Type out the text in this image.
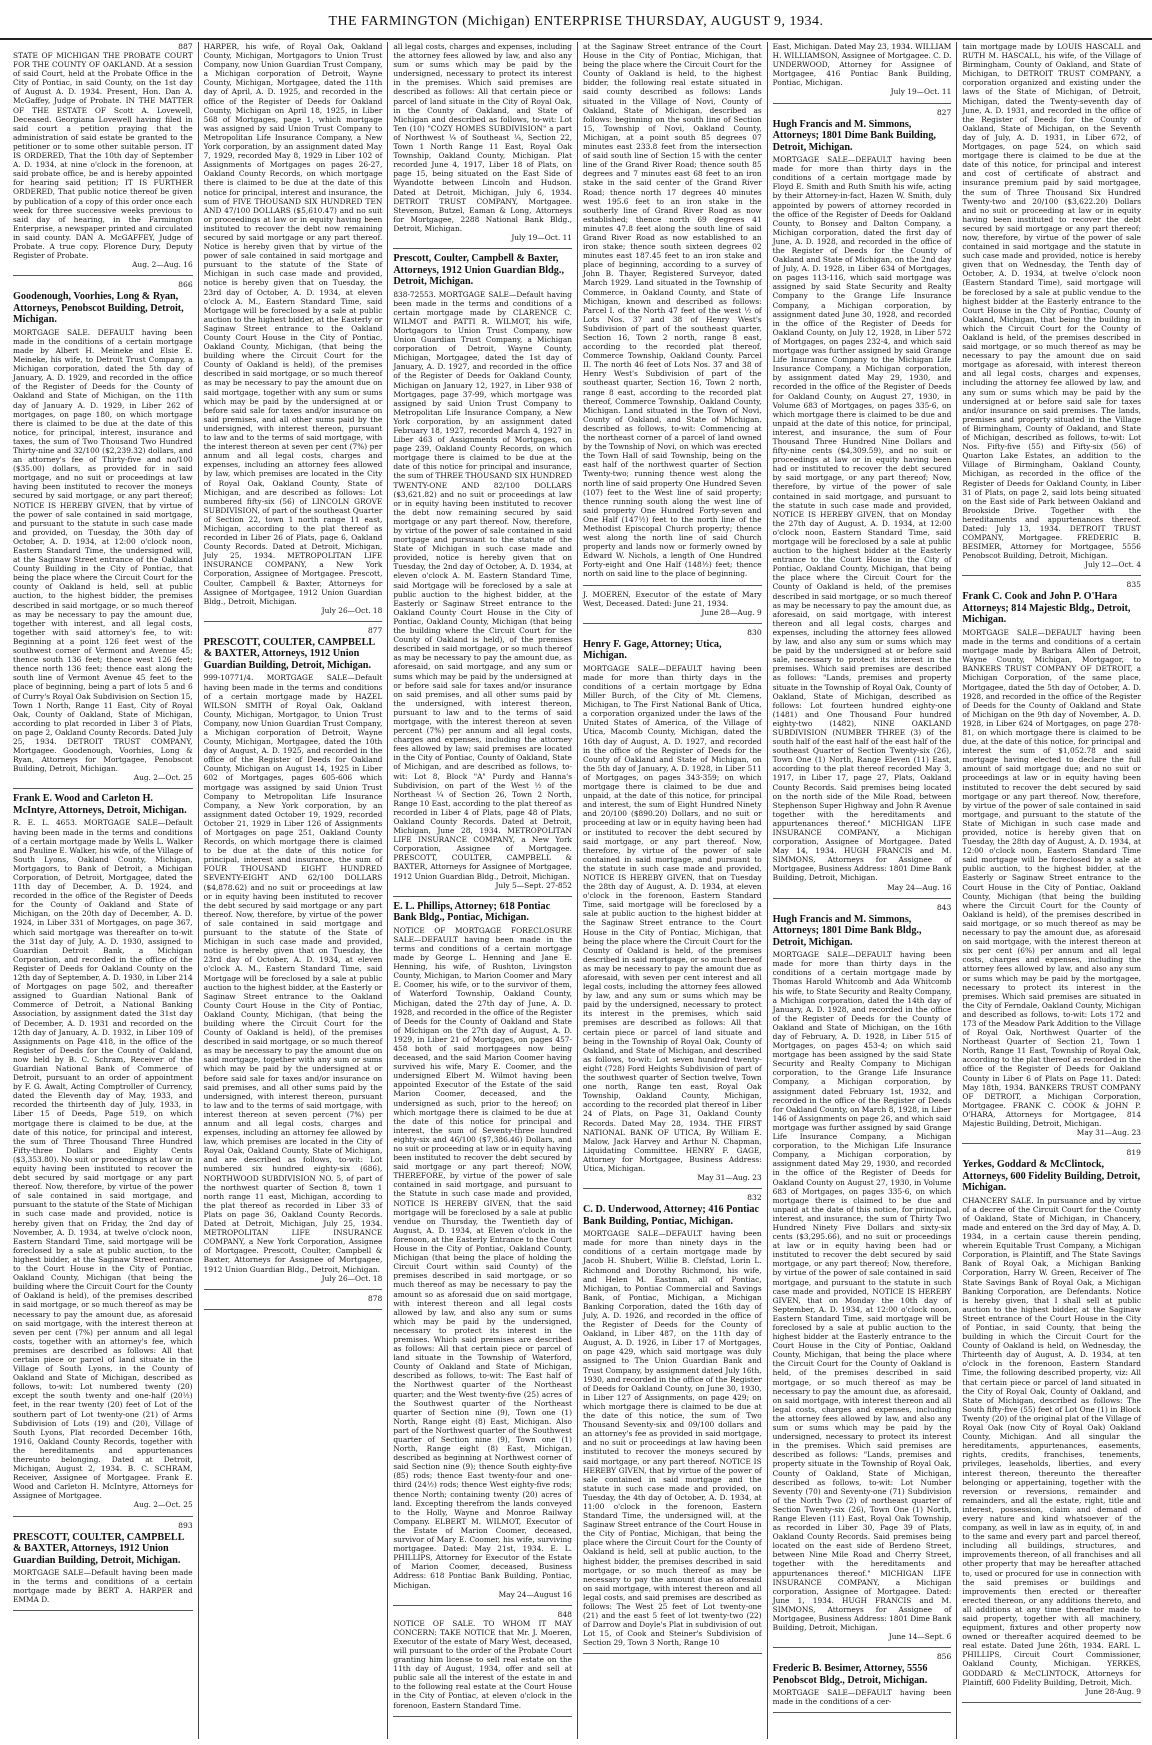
THE FARMINGTON (Michigan) ENTERPRISE THURSDAY, AUGUST 9, 1934.

887

STATE OF MICHIGAN THE PROBATE COURT FOR THE COUNTY OF OAKLAND. At a session of said Court, held at the Probate Office in the City of Pontiac, in said County, on the 1st day of August A. D. 1934. Present, Hon. Dan A. McGaffey, Judge of Probate. IN THE MATTER OF THE ESTATE OF Scott A. Lovewell, Deceased. Georgiana Lovewell having filed in said court a petition praying that the administration of said estate be granted to the petitioner or to some other suitable person. IT IS ORDERED, That the 10th day of September A. D. 1934, at nine o'clock in the forenoon, at said probate office, be and is hereby appointed for hearing said petition; IT IS FURTHER ORDERED, That public notice thereof be given by publication of a copy of this order once each week for three successive weeks previous to said day of hearing, in the Farmington Enterprise, a newspaper printed and circulated in said county. DAN A. McGAFFEY, Judge of Probate. A true copy. Florence Dury, Deputy Register of Probate.

Aug. 2—Aug. 16

866

Goodenough, Voorhies, Long & Ryan, Attorneys, Penobscot Building, Detroit, Michigan.

MORTGAGE SALE. DEFAULT having been made in the conditions of a certain mortgage made by Albert H. Meineke and Elsie E. Meineke, his wife, to Detroit Trust Company, a Michigan corporation, dated the 5th day of January, A. D. 1929, and recorded in the office of the Register of Deeds for the County of Oakland and State of Michigan, on the 11th day of January A. D. 1929, in Liber 262 of mortgages, on page 180, on which mortgage there is claimed to be due at the date of this notice, for principal, interest, insurance and taxes, the sum of Two Thousand Two Hundred Thirty-nine and 32/100 ($2,239.32) dollars, and an attorney's fee of Thirty-five and no/100 ($35.00) dollars, as provided for in said mortgage, and no suit or proceedings at law having been instituted to recover the moneys secured by said mortgage, or any part thereof; NOTICE IS HEREBY GIVEN, that by virtue of the power of sale contained in said mortgage, and pursuant to the statute in such case made and provided, on Tuesday, the 30th day of October, A. D. 1934, at 12:00 o'clock noon, Eastern Standard Time, the undersigned will, at the Saginaw Street entrance of the Oakland County Building in the City of Pontiac, that being the place where the Circuit Court for the county of Oakland is held, sell at public auction, to the highest bidder, the premises described in said mortgage, or so much thereof as may be necessary to pay the amount due, together with interest, and all legal costs, together with said attorney's fee, to wit: Beginning at a point 126 feet west of the southwest corner of Vermont and Avenue 45; thence south 136 feet; thence west 126 feet; thence north 136 feet; thence east along the south line of Vermont Avenue 45 feet to the place of beginning, being a part of lots 5 and 6 of Curry's Royal Oak Subdivision on Section 15, Town 1 North, Range 11 East, City of Royal Oak, County of Oakland, State of Michigan, according to plat recorded in Liber 3 of Plats, on page 2, Oakland County Records. Dated July 25, 1934. DETROIT TRUST COMPANY, Mortgagee. Goodenough, Voorhies, Long & Ryan, Attorneys for Mortgagee, Penobscot Building, Detroit, Michigan.

Aug. 2—Oct. 25

Frank E. Wood and Carleton H. McIntyre, Attorneys, Detroit, Michigan.

R. E. L. 4653. MORTGAGE SALE—Default having been made in the terms and conditions of a certain mortgage made by Wells L. Walker and Pauline E. Walker, his wife, of the Village of South Lyons, Oakland County, Michigan, Mortgagors, to Bank of Detroit, a Michigan Corporation, of Detroit, Mortgagee, dated the 11th day of December, A. D. 1924, and recorded in the office of the Register of Deeds for the County of Oakland and State of Michigan, on the 20th day of December, A. D. 1924, in Liber 331 of Mortgages, on page 367, which said mortgage was thereafter on to-wit the 31st day of July, A. D. 1930, assigned to Guardian Detroit Bank, a Michigan Corporation, and recorded in the office of the Register of Deeds for Oakland County on the 12th day of September, A. D. 1930, in Liber 214 of Mortgages on page 502, and thereafter assigned to Guardian National Bank of Commerce of Detroit, a National Banking Association, by assignment dated the 31st day of December, A. D. 1931 and recorded on the 12th day of January, A. D. 1932, in Liber 109 of Assignments on Page 418, in the office of the Register of Deeds for the County of Oakland, now held by B. C. Schram, Receiver of the Guardian National Bank of Commerce of Detroit, pursuant to an order of appointment by F. G. Awalt, Acting Comptroller of Currency, dated the Eleventh day of May, 1933, and recorded the thirteenth day of July, 1933, in Liber 15 of Deeds, Page 519, on which mortgage there is claimed to be due, at the date of this notice, for principal and interest, the sum of Three Thousand Three Hundred Fifty-three Dollars and Eighty Cents ($3,353.80). No suit or proceedings at law or in equity having been instituted to recover the debt secured by said mortgage or any part thereof. Now, therefore, by virtue of the power of sale contained in said mortgage, and pursuant to the statute of the State of Michigan in such case made and provided, notice is hereby given that on Friday, the 2nd day of November, A. D. 1934, at twelve o'clock noon, Eastern Standard Time, said mortgage will be foreclosed by a sale at public auction, to the highest bidder, at the Saginaw Street entrance to the Court House in the City of Pontiac, Oakland County, Michigan (that being the building where the Circuit Court for the County of Oakland is held), of the premises described in said mortgage, or so much thereof as may be necessary to pay the amount due, as aforesaid on said mortgage, with the interest thereon at seven per cent (7%) per annum and all legal costs, together with an attorney's fee, which premises are described as follows: All that certain piece or parcel of land situate in the Village of South Lyons, in the County of Oakland and State of Michigan, described as follows, to-wit: Lot numbered twenty (20) except the south twenty and one-half (20½) feet, in the rear twenty (20) feet of Lot of the southern part of Lot twenty-one (21) of Arms Subdivision of Lots (19) and (20), Village of South Lyons, Plat recorded December 16th, 1916, Oakland County Records, together with the hereditaments and appurtenances thereunto belonging. Dated at Detroit, Michigan, August 2, 1934. B. C. SCHRAM, Receiver, Assignee of Mortgagee. Frank E. Wood and Carleton H. McIntyre, Attorneys for Assignee of Mortgagee.

Aug. 2—Oct. 25

893

PRESCOTT, COULTER, CAMPBELL & BAXTER, Attorneys, 1912 Union Guardian Building, Detroit, Michigan.

MORTGAGE SALE—Default having been made in the terms and conditions of a certain mortgage made by BERT A. HARPER and EMMA D.

HARPER, his wife, of Royal Oak, Oakland County, Michigan, Mortgagors to Union Trust Company, now Union Guardian Trust Company, a Michigan corporation of Detroit, Wayne County, Michigan, Mortgagee, dated the 11th day of April, A. D. 1925, and recorded in the office of the Register of Deeds for Oakland County, Michigan on April 18, 1925, in Liber 568 of Mortgages, page 1, which mortgage was assigned by said Union Trust Company to Metropolitan Life Insurance Company, a New York corporation, by an assignment dated May 7, 1929, recorded May 8, 1929 in Liber 102 of Assignments of Mortgages on pages 26-27, Oakland County Records, on which mortgage there is claimed to be due at the date of this notice for principal, interest and insurance, the sum of FIVE THOUSAND SIX HUNDRED TEN AND 47/100 DOLLARS ($5,610.47) and no suit or proceedings at law or in equity having been instituted to recover the debt now remaining secured by said mortgage or any part thereof. Notice is hereby given that by virtue of the power of sale contained in said mortgage and pursuant to the statute of the State of Michigan in such case made and provided, notice is hereby given that on Tuesday, the 23rd day of October, A. D. 1934, at eleven o'clock A. M., Eastern Standard Time, said Mortgage will be foreclosed by a sale at public auction to the highest bidder, at the Easterly or Saginaw Street entrance to the Oakland County Court House in the City of Pontiac, Oakland County, Michigan, (that being the building where the Circuit Court for the County of Oakland is held), of the premises described in said mortgage, or so much thereof as may be necessary to pay the amount due on said mortgage, together with any sum or sums which may be paid by the undersigned at or before said sale for taxes and/or insurance on said premises, and all other sums paid by the undersigned, with interest thereon, pursuant to law and to the terms of said mortgage, with the interest thereon at seven per cent (7%) per annum and all legal costs, charges and expenses, including an attorney fees allowed by law, which premises are located in the City of Royal Oak, Oakland County, State of Michigan, and are described as follows: Lot numbered fifty-six (56) of LINCOLN GROVE SUBDIVISION, of part of the southeast Quarter of Section 22, town 1 north range 11 east, Michigan, according to the plat thereof as recorded in Liber 26 of Plats, page 6, Oakland County Records. Dated at Detroit, Michigan, July 25, 1934. METROPOLITAN LIFE INSURANCE COMPANY, a New York Corporation, Assignee of Mortgagee. Prescott, Coulter, Campbell & Baxter, Attorneys for Assignee of Mortgagee, 1912 Union Guardian Bldg., Detroit, Michigan.

July 26—Oct. 18

877

PRESCOTT, COULTER, CAMPBELL & BAXTER, Attorneys, 1912 Union Guardian Building, Detroit, Michigan.

999-10771/4. MORTGAGE SALE—Default having been made in the terms and conditions of a certain mortgage made by HAZEL WILSON SMITH of Royal Oak, Oakland County, Michigan, Mortgagor, to Union Trust Company, now Union Guardian Trust Company, a Michigan corporation of Detroit, Wayne County, Michigan, Mortgagee, dated the 10th day of August, A. D. 1925, and recorded in the office of the Register of Deeds for Oakland County, Michigan on August 14, 1925 in Liber 602 of Mortgages, pages 605-606 which mortgage was assigned by said Union Trust Company to Metropolitan Life Insurance Company, a New York corporation, by an assignment dated October 19, 1929, recorded October 21, 1929 in Liber 126 of Assignments of Mortgages on page 251, Oakland County Records, on which mortgage there is claimed to be due at the date of this notice for principal, interest and insurance, the sum of FOUR THOUSAND EIGHT HUNDRED SEVENTY-EIGHT AND 62/100 DOLLARS ($4,878.62) and no suit or proceedings at law or in equity having been instituted to recover the debt secured by said mortgage or any part thereof. Now, therefore, by virtue of the power of sale contained in said mortgage and pursuant to the statute of the State of Michigan in such case made and provided, notice is hereby given that on Tuesday, the 23rd day of October, A. D. 1934, at eleven o'clock A. M., Eastern Standard Time, said Mortgage will be foreclosed by a sale at public auction to the highest bidder, at the Easterly or Saginaw Street entrance to the Oakland County Court House in the City of Pontiac, Oakland County, Michigan, (that being the building where the Circuit Court for the County of Oakland is held), of the premises described in said mortgage, or so much thereof as may be necessary to pay the amount due on said mortgage, together with any sum or sums which may be paid by the undersigned at or before said sale for taxes and/or insurance on said premises, and all other sums paid by the undersigned, with interest thereon, pursuant to law and to the terms of said mortgage, with interest thereon at seven percent (7%) per annum and all legal costs, charges and expenses, including an attorney fee allowed by law, which premises are located in the City of Royal Oak, Oakland County, State of Michigan, and are described as follows, to-wit: Lot numbered six hundred eighty-six (686), NORTHWOOD SUBDIVISION NO. 5, of part of the northwest quarter of Section 8, town 1 north range 11 east, Michigan, according to the plat thereof as recorded in Liber 33 of Plats on page 36, Oakland County Records. Dated at Detroit, Michigan, July 25, 1934. METROPOLITAN LIFE INSURANCE COMPANY, a New York Corporation, Assignee of Mortgagee. Prescott, Coulter, Campbell & Baxter, Attorneys for Assignee of Mortgagee, 1912 Union Guardian Bldg., Detroit, Michigan.

July 26—Oct. 18

878

all legal costs, charges and expenses, including the attorney fees allowed by law, and also any sum or sums which may be paid by the undersigned, necessary to protect its interest in the premises. Which said premises are described as follows: All that certain piece or parcel of land situate in the City of Royal Oak, in the County of Oakland, and State of Michigan and described as follows, to-wit: Lot Ten (10) "COZY HOMES SUBDIVISION" a part of Northwest ¼ of Southeast ¼, Section 22, Town 1 North Range 11 East, Royal Oak Township, Oakland County, Michigan. Plat recorded June 4, 1917, Liber 18 of Plats, on page 15, being situated on the East Side of Wyandotte between Lincoln and Hudson. Dated at Detroit, Michigan, July 6, 1934. DETROIT TRUST COMPANY, Mortgagee. Stevenson, Butzel, Eaman & Long, Attorneys for Mortgagee, 2288 National Bank Bldg., Detroit, Michigan.

July 19—Oct. 11

Prescott, Coulter, Campbell & Baxter, Attorneys, 1912 Union Guardian Bldg., Detroit, Michigan.

838-72553. MORTGAGE SALE—Default having been made in the terms and conditions of a certain mortgage made by CLARENCE C. WILMOT and PATTI R. WILMOT, his wife, Mortgagors to Union Trust Company, now Union Guardian Trust Company, a Michigan corporation of Detroit, Wayne County, Michigan, Mortgagee, dated the 1st day of January, A. D. 1927, and recorded in the office of the Register of Deeds for Oakland County, Michigan on January 12, 1927, in Liber 938 of Mortgages, page 37-99, which mortgage was assigned by said Union Trust Company to Metropolitan Life Insurance Company, a New York corporation, by an assignment dated February 18, 1927, recorded March 4, 1927 in Liber 463 of Assignments of Mortgages, on page 239, Oakland County Records, on which mortgage there is claimed to be due at the date of this notice for principal and insurance, the sum of THREE THOUSAND SIX HUNDRED TWENTY-ONE AND 82/100 DOLLARS ($3,621.82) and no suit or proceedings at law or in equity having been instituted to recover the debt now remaining secured by said mortgage or any part thereof. Now, therefore, by virtue of the power of sale contained in said mortgage and pursuant to the statute of the State of Michigan in such case made and provided, notice is hereby given that on Tuesday, the 2nd day of October, A. D. 1934, at eleven o'clock A. M. Eastern Standard Time, said Mortgage will be foreclosed by a sale at public auction to the highest bidder, at the Easterly or Saginaw Street entrance to the Oakland County Court House in the City of Pontiac, Oakland County, Michigan (that being the building where the Circuit Court for the County of Oakland is held), of the premises described in said mortgage, or so much thereof as may be necessary to pay the amount due, as aforesaid, on said mortgage, and any sum or sums which may be paid by the undersigned at or before said sale for taxes and/or insurance on said premises, and all other sums paid by the undersigned, with interest thereon, pursuant to law and to the terms of said mortgage, with the interest thereon at seven percent (7%) per annum and all legal costs, charges and expenses, including the attorney fees allowed by law; said premises are located in the City of Pontiac, County of Oakland, State of Michigan, and are described as follows, to-wit: Lot 8, Block "A" Purdy and Hanna's Subdivision, on part of the West ½ of the Northeast ¼ of Section 26, Town 2 North, Range 10 East, according to the plat thereof as recorded in Liber 4 of Plats, page 48 of Plats, Oakland County Records. Dated at Detroit, Michigan, June 28, 1934. METROPOLITAN LIFE INSURANCE COMPANY, a New York Corporation, Assignee of Mortgagee. PRESCOTT, COULTER, CAMPBELL & BAXTER, Attorneys for Assignee of Mortgagee, 1912 Union Guardian Bldg., Detroit, Michigan.

July 5—Sept. 27-852

E. L. Phillips, Attorney; 618 Pontiac Bank Bldg., Pontiac, Michigan.

NOTICE OF MORTGAGE FORECLOSURE SALE—DEFAULT having been made in the terms and conditions of a certain mortgage made by George L. Henning and Jane E. Henning, his wife, of Rushton, Livingston County, Michigan, to Marion Coomer and Mary E. Coomer, his wife, or to the survivor of them, of Waterford Township, Oakland County, Michigan, dated the 27th day of June, A. D. 1928, and recorded in the office of the Register of Deeds for the County of Oakland and State of Michigan on the 27th day of August, A. D. 1929, in Liber 21 of Mortgages, on pages 457-458 both of said mortgagees now being deceased, and the said Marion Coomer having survived his wife, Mary E. Coomer, and the undersigned Elbert M. Wilmot having been appointed Executor of the Estate of the said Marion Coomer, deceased, and the undersigned as such, prior to the hereof; on which mortgage there is claimed to be due at the date of this notice for principal and interest, the sum of Seventy-three hundred eighty-six and 46/100 ($7,386.46) Dollars, and no suit or proceeding at law or in equity having been instituted to recover the debt secured by said mortgage or any part thereof; NOW, THEREFORE, by virtue of the power of sale contained in said mortgage, and pursuant to the Statute in such case made and provided, NOTICE IS HEREBY GIVEN, that the said mortgage will be foreclosed by a sale at public vendue on Thursday, the Twentieth day of August, A. D. 1934, at Eleven o'clock in the forenoon, at the Easterly Entrance to the Court House in the City of Pontiac, Oakland County, Michigan (that being the place of holding the Circuit Court within said County) of the premises described in said mortgage, or so much thereof as may be necessary to pay the amount so as aforesaid due on said mortgage, with interest thereon and all legal costs allowed by law, and also any sum or sums which may be paid by the undersigned, necessary to protect its interest in the premises. Which said premises are described as follows: All that certain piece or parcel of land situate in the Township of Waterford, County of Oakland and State of Michigan, described as follows, to-wit: The East half of the Northwest quarter of the Northeast quarter; and the West twenty-five (25) acres of the Southwest quarter of the Northeast quarter of Section nine (9), Town one (1) North, Range eight (8) East, Michigan. Also part of the Northwest quarter of the Southwest quarter of Section nine (9), Town one (1) North, Range eight (8) East, Michigan, described as beginning at Northwest corner of said Section nine (9); thence South eighty-five (85) rods; thence East twenty-four and one-third (24½) rods; thence West eighty-five rods; thence North; containing twenty (20) acres of land. Excepting therefrom the lands conveyed to the Holly, Wayne and Monroe Railway Company. ELBERT M. WILMOT, Executor of the Estate of Marion Coomer, deceased, survivor of Mary E. Coomer, his wife, surviving mortgagee. Dated: May 21st, 1934. E. L. PHILLIPS, Attorney for Executor of the Estate of Marion Coomer, deceased, Business Address: 618 Pontiac Bank Building, Pontiac, Michigan.

May 24—August 16

848

NOTICE OF SALE. TO WHOM IT MAY CONCERN: TAKE NOTICE that Mr. J. Moeren, Executor of the estate of Mary West, deceased, will pursuant to the order of the Probate Court granting him license to sell real estate on the 11th day of August, 1934, offer and sell at public sale all the interest of the estate in and to the following real estate at the Court House in the City of Pontiac, at eleven o'clock in the forenoon, Eastern Standard Time.

at the Saginaw Street entrance of the Court House in the City of Pontiac, Michigan, that being the place where the Circuit Court for the County of Oakland is held, to the highest bidder, the following real estate situated in said county described as follows: Lands situated in the Village of Novi, County of Oakland, State of Michigan, described as follows: beginning on the south line of Section 15, Township of Novi, Oakland County, Michigan, at a point south 85 degrees 07 minutes east 233.8 feet from the intersection of said south line of Section 15 with the center line of the Grand River Road; thence south 85 degrees and 7 minutes east 68 feet to an iron stake in the said center of the Grand River Road; thence north 17 degrees 40 minutes west 195.6 feet to an iron stake in the southerly line of Grand River Road as now established; thence north 69 degrees 41 minutes 47.8 feet along the south line of said Grand River Road as now established to an iron stake; thence south sixteen degrees 02 minutes east 187.45 feet to an iron stake and place of beginning, according to a survey of John B. Thayer, Registered Surveyor, dated March 1929. Land situated in the Township of Commerce, in Oakland County, and State of Michigan, known and described as follows: Parcel I. of the North 47 feet of the west ½ of Lots Nos. 37 and 38 of Henry West's Subdivision of part of the southeast quarter, Section 16, Town 2 north, range 8 east, according to the recorded plat thereof, Commerce Township, Oakland County. Parcel II. The north 46 feet of Lots Nos. 37 and 38 of Henry West's Subdivision of part of the southeast quarter, Section 16, Town 2 north, range 8 east, according to the recorded plat thereof, Commerce Township, Oakland County, Michigan. Land situated in the Town of Novi, County of Oakland, and State of Michigan, described as follows, to-wit: Commencing at the northeast corner of a parcel of land owned by the Township of Novi, on which was erected the Town Hall of said Township, being on the east half of the northwest quarter of Section Twenty-two; running thence west along the north line of said property One Hundred Seven (107) feet to the West line of said property; thence running south along the west line of said property One Hundred Forty-seven and One Half (147½) feet to the north line of the Methodist Episcopal Church property; thence west along the north line of said Church property and lands now or formerly owned by Edward W. Nichols, a length of One Hundred Forty-eight and One Half (148½) feet; thence north on said line to the place of beginning.

J. MOEREN, Executor of the estate of Mary West, Deceased. Dated: June 21, 1934.

June 28—Aug. 9

830

Henry F. Gage, Attorney; Utica, Michigan.

MORTGAGE SALE—DEFAULT having been made for more than thirty days in the conditions of a certain mortgage by Edna Miller Burch, of the City of Mt. Clemens, Michigan, to The First National Bank of Utica, a corporation organized under the laws of the United States of America, of the Village of Utica, Macomb County, Michigan, dated the 16th day of August, A. D. 1927, and recorded in the office of the Register of Deeds for the County of Oakland and State of Michigan, on the 5th day of January, A. D. 1928, in Liber 511 of Mortgages, on pages 343-359; on which mortgage there is claimed to be due and unpaid, at the date of this notice, for principal and interest, the sum of Eight Hundred Ninety and 20/100 ($890.20) Dollars, and no suit or proceeding at law or in equity having been had or instituted to recover the debt secured by said mortgage, or any part thereof. Now, therefore, by virtue of the power of sale contained in said mortgage, and pursuant to the statute in such case made and provided, NOTICE IS HEREBY GIVEN, that on Tuesday the 28th day of August, A. D. 1934, at eleven o'clock in the forenoon, Eastern Standard Time, said mortgage will be foreclosed by a sale at public auction to the highest bidder at the Saginaw Street entrance to the Court House in the City of Pontiac, Michigan, that being the place where the Circuit Court for the County of Oakland is held, of the premises described in said mortgage, or so much thereof as may be necessary to pay the amount due as aforesaid, with seven per cent interest and all legal costs, including the attorney fees allowed by law, and any sum or sums which may be paid by the undersigned, necessary to protect its interest in the premises, which said premises are described as follows: All that certain piece or parcel of land situate and being in the Township of Royal Oak, County of Oakland, and State of Michigan, and described as follows, to-wit: Lot seven hundred twenty-eight (728) Ford Heights Subdivision of part of the southwest quarter of Section twelve, Town one north, Range ten east, Royal Oak Township, Oakland County, Michigan, according to the recorded plat thereof in Liber 24 of Plats, on Page 31, Oakland County Records. Dated May 28, 1934. THE FIRST NATIONAL BANK OF UTICA, By William E. Malow, Jack Harvey and Arthur N. Chapman, Liquidating Committee. HENRY F. GAGE, Attorney for Mortgagee, Business Address: Utica, Michigan.

May 31—Aug. 23

832

C. D. Underwood, Attorney; 416 Pontiac Bank Building, Pontiac, Michigan.

MORTGAGE SALE—DEFAULT having been made for more than ninety days in the conditions of a certain mortgage made by Jacob H. Shubert, Willie B. Clefstad, Lorin L. Richmond and Dorothy Richmond, his wife, and Helen M. Eastman, all of Pontiac, Michigan, to Pontiac Commercial and Savings Bank, of Pontiac, Michigan, a Michigan Banking Corporation, dated the 16th day of July, A. D. 1926, and recorded in the office of the Register of Deeds for the County of Oakland, in Liber 487, on the 11th day of August, A. D. 1926, in Liber 17 of Mortgages, on page 429, which said mortgage was duly assigned to The Union Guardian Bank and Trust Company, by assignment dated July 16th, 1930, and recorded in the office of the Register of Deeds for Oakland County, on June 30, 1930, in Liber 127 of Assignments, on page 429; on which mortgage there is claimed to be due at the date of this notice, the sum of Two Thousand Seventy-six and 09/100 dollars and an attorney's fee as provided in said mortgage, and no suit or proceedings at law having been instituted to recover the moneys secured by said mortgage, or any part thereof. NOTICE IS HEREBY GIVEN, that by virtue of the power of sale contained in said mortgage and the statute in such case made and provided, on Tuesday, the 4th day of October, A. D. 1934, at 11:00 o'clock in the forenoon, Eastern Standard Time, the undersigned will, at the Saginaw Street entrance of the Court House in the City of Pontiac, Michigan, that being the place where the Circuit Court for the County of Oakland is held, sell at public auction, to the highest bidder, the premises described in said mortgage, or so much thereof as may be necessary to pay the amount due as aforesaid on said mortgage, with interest thereon and all legal costs, and said premises are described as follows: The West 25 feet of Lot twenty-one (21) and the east 5 feet of lot twenty-two (22) of Darrow and Doyle's Plat in subdivision of out Lot 15, of Cook and Steiner's Subdivision of Section 29, Town 3 North, Range 10

East, Michigan. Dated May 23, 1934. WILLIAM H. WILLIAMSON, Assignee of Mortgagee. C. D. UNDERWOOD, Attorney for Assignee of Mortgagee, 416 Pontiac Bank Building, Pontiac, Michigan.

July 19—Oct. 11

827

Hugh Francis and M. Simmons, Attorneys; 1801 Dime Bank Building, Detroit, Michigan.

MORTGAGE SALE—DEFAULT having been made for more than thirty days in the conditions of a certain mortgage made by Floyd E. Smith and Ruth Smith his wife, acting by their Attorney-in-fact, Hazen W. Smith, duly appointed by powers of attorney recorded in the office of the Register of Deeds for Oakland County, to Bonsey and Dalton Company, a Michigan corporation, dated the first day of June, A. D. 1928, and recorded in the office of the Register of Deeds for the County of Oakland and State of Michigan, on the 2nd day of July, A. D. 1928, in Liber 634 of Mortgages, on pages 113-116, which said mortgage was assigned by said State Security and Realty Company to the Grange Life Insurance Company, a Michigan corporation, by assignment dated June 30, 1928, and recorded in the office of the Register of Deeds for Oakland County, on July 12, 1928, in Liber 572 of Mortgages, on pages 232-4, and which said mortgage was further assigned by said Grange Life Insurance Company to the Michigan Life Insurance Company, a Michigan corporation, by assignment dated May 29, 1930, and recorded in the office of the Register of Deeds for Oakland County, on August 27, 1930, in Volume 683 of Mortgages, on pages 335-6, on which mortgage there is claimed to be due and unpaid at the date of this notice, for principal, interest, and insurance, the sum of Four Thousand Three Hundred Nine Dollars and fifty-nine cents ($4,309.59), and no suit or proceedings at law or in equity having been had or instituted to recover the debt secured by said mortgage, or any part thereof; Now, therefore, by virtue of the power of sale contained in said mortgage, and pursuant to the statute in such case made and provided, NOTICE IS HEREBY GIVEN, that on Monday the 27th day of August, A. D. 1934, at 12:00 o'clock noon, Eastern Standard Time, said mortgage will be foreclosed by a sale at public auction to the highest bidder at the Easterly entrance to the Court House in the City of Pontiac, Oakland County, Michigan, that being the place where the Circuit Court for the County of Oakland is held, of the premises described in said mortgage, or so much thereof as may be necessary to pay the amount due, as aforesaid, on said mortgage, with interest thereon and all legal costs, charges and expenses, including the attorney fees allowed by law, and also any sum or sums which may be paid by the undersigned at or before said sale, necessary to protect its interest in the premises. Which said premises are described as follows: "Lands, premises and property situate in the Township of Royal Oak, County of Oakland, State of Michigan, described as follows: Lot fourteen hundred eighty-one (1481) and One Thousand Four hundred eighty-two (1482), NINE OAKLAND SUBDIVISION (NUMBER THREE (3) of the south half of the east half of the east half of the southeast Quarter of Section Twenty-six (26), Town One (1) North, Range Eleven (11) East, according to the plat thereof recorded May 3, 1917, in Liber 17, page 27, Plats, Oakland County Records. Said premises being located on the north side of the Mile Road, between Stephenson Super Highway and John R Avenue together with the hereditaments and appurtenances thereof." MICHIGAN LIFE INSURANCE COMPANY, a Michigan corporation, Assignee of Mortgagee. Dated May 14, 1934. HUGH FRANCIS and M. SIMMONS, Attorneys for Assignee of Mortgagee, Business Address: 1801 Dime Bank Building, Detroit, Michigan.

May 24—Aug. 16

843

Hugh Francis and M. Simmons, Attorneys; 1801 Dime Bank Bldg., Detroit, Michigan.

MORTGAGE SALE—DEFAULT having been made for more than thirty days in the conditions of a certain mortgage made by Thomas Harold Whitcomb and Ada Whitcomb his wife, to State Security and Realty Company, a Michigan corporation, dated the 14th day of January, A. D. 1928, and recorded in the office of the Register of Deeds for the County of Oakland and State of Michigan, on the 16th day of February, A. D. 1928, in Liber 515 of Mortgages, on pages 453-4; on which said mortgage has been assigned by the said State Security and Realty Company to Michigan corporation, to the Grange Life Insurance Company, a Michigan corporation, by assignment dated February 1st, 1932, and recorded in the office of the Register of Deeds for Oakland County, on March 8, 1928, in Liber 146 of Assignments on page 26, and which said mortgage was further assigned by said Grange Life Insurance Company, a Michigan corporation, to the Michigan Life Insurance Company, a Michigan corporation, by assignment dated May 29, 1930, and recorded in the office of the Register of Deeds for Oakland County on August 27, 1930, in Volume 683 of Mortgages, on pages 335-6, on which mortgage there is claimed to be due and unpaid at the date of this notice, for principal, interest, and insurance, the sum of Thirty Two Hundred Ninety Five Dollars and sixty-six cents ($3,295.66), and no suit or proceedings at law or in equity having been had or instituted to recover the debt secured by said mortgage, or any part thereof; Now, therefore, by virtue of the power of sale contained in said mortgage, and pursuant to the statute in such case made and provided, NOTICE IS HEREBY GIVEN, that on Monday the 10th day of September, A. D. 1934, at 12:00 o'clock noon, Eastern Standard Time, said mortgage will be foreclosed by a sale at public auction to the highest bidder at the Easterly entrance to the Court House in the City of Pontiac, Oakland County, Michigan, that being the place where the Circuit Court for the County of Oakland is held, of the premises described in said mortgage, or so much thereof as may be necessary to pay the amount due, as aforesaid, on said mortgage, with interest thereon and all legal costs, charges and expenses, including the attorney fees allowed by law, and also any sum or sums which may be paid by the undersigned, necessary to protect its interest in the premises. Which said premises are described as follows: "Lands, premises and property situate in the Township of Royal Oak, County of Oakland, State of Michigan, described as follows, to-wit: Lot Number Seventy (70) and Seventy-one (71) Subdivision of the North Two (2) of northeast quarter of Section Twenty-six (26), Town One (1) North, Range Eleven (11) East, Royal Oak Township, as recorded in Liber 30, Page 39 of Plats, Oakland County Records. Said premises being located on the east side of Berdeno Street, between Nine Mile Road and Cherry Street, together with the hereditaments and appurtenances thereof." MICHIGAN LIFE INSURANCE COMPANY, a Michigan corporation, Assignee of Mortgagee. Dated: June 1, 1934. HUGH FRANCIS and M. SIMMONS, Attorneys for Assignee of Mortgagee, Business Address: 1801 Dime Bank Building, Detroit, Michigan.

June 14—Sept. 6

856

Frederic B. Besimer, Attorney, 5556 Penobscot Bldg., Detroit, Michigan.

MORTGAGE SALE—DEFAULT having been made in the conditions of a cer-

tain mortgage made by LOUIS HASCALL and RUTH M. HASCALL, his wife, of the Village of Birmingham, County of Oakland, and State of Michigan, to DETROIT TRUST COMPANY, a corporation organized and existing under the laws of the State of Michigan, of Detroit, Michigan, dated the Twenty-seventh day of June, A. D. 1931, and recorded in the office of the Register of Deeds for the County of Oakland, State of Michigan, on the Seventh day of July, A. D. 1931, in Liber 672, of Mortgages, on page 524, on which said mortgage there is claimed to be due at the date of this notice, for principal and interest and cost of certificate of abstract and insurance premium paid by said mortgagee, the sum of Three Thousand Six Hundred Twenty-two and 20/100 ($3,622.20) Dollars and no suit or proceeding at law or in equity having been instituted to recover the debt secured by said mortgage or any part thereof; now, therefore, by virtue of the power of sale contained in said mortgage and the statute in such case made and provided, notice is hereby given that on Wednesday, the Tenth day of October, A. D. 1934, at twelve o'clock noon (Eastern Standard Time), said mortgage will be foreclosed by a sale at public vendue to the highest bidder at the Easterly entrance to the Court House in the City of Pontiac, County of Oakland, Michigan, that being the building in which the Circuit Court for the County of Oakland is held, of the premises described in said mortgage, or so much thereof as may be necessary to pay the amount due on said mortgage as aforesaid, with interest thereon and all legal costs, charges and expenses, including the attorney fee allowed by law, and any sum or sums which may be paid by the undersigned at or before said sale for taxes and/or insurance on said premises. The lands, premises and property situated in the Village of Birmingham, County of Oakland, and State of Michigan, described as follows, to-wit: Lot Nos. Fifty-five (55) and Fifty-six (56) of Quarton Lake Estates, an addition to the Village of Birmingham, Oakland County, Michigan, as recorded in the office of the Register of Deeds for Oakland County, in Liber 31 of Plats, on page 2, said lots being situated on the East side of Park between Oakland and Brookside Drive. Together with the hereditaments and appurtenances thereof. Dated: July 13, 1934. DETROIT TRUST COMPANY, Mortgagee. FREDERIC B. BESIMER, Attorney for Mortgagee, 5556 Penobscot Building, Detroit, Michigan.

July 12—Oct. 4

835

Frank C. Cook and John P. O'Hara Attorneys; 814 Majestic Bldg., Detroit, Michigan.

MORTGAGE SALE—DEFAULT having been made in the terms and conditions of a certain mortgage made by Barbara Allen of Detroit, Wayne County, Michigan, Mortgagor, to BANKERS TRUST COMPANY OF DETROIT, a Michigan Corporation, of the same place, Mortgagee, dated the 5th day of October, A. D. 1928, and recorded in the office of the Register of Deeds for the County of Oakland and State of Michigan on the 9th day of November, A. D. 1928, in Liber 624 of Mortgages, on page 278-81, on which mortgage there is claimed to be due, at the date of this notice, for principal and interest the sum of $1,052.78 and said mortgage having elected to declare the full amount of said mortgage due; and no suit or proceedings at law or in equity having been instituted to recover the debt secured by said mortgage or any part thereof. Now, therefore, by virtue of the power of sale contained in said mortgage, and pursuant to the statute of the State of Michigan in such case made and provided, notice is hereby given that on Tuesday, the 28th day of August, A. D. 1934, at 12:00 o'clock noon, Eastern Standard Time said mortgage will be foreclosed by a sale at public auction, to the highest bidder, at the Easterly or Saginaw Street entrance to the Court House in the City of Pontiac, Oakland County, Michigan (that being the building where the Circuit Court for the County of Oakland is held), of the premises described in said mortgage, or so much thereof as may be necessary to pay the amount due, as aforesaid on said mortgage, with the interest thereon at six per cent (6%) per annum and all legal costs, charges and expenses, including the attorney fees allowed by law, and also any sum or sums which may be paid by the mortgagee, necessary to protect its interest in the premises. Which said premises are situated in the City of Ferndale, Oakland County, Michigan and described as follows, to-wit: Lots 172 and 173 of the Meadow Park Addition to the Village of Royal Oak, Northwest Quarter of the Northeast Quarter of Section 21, Town 1 North, Range 11 East, Township of Royal Oak, according to the plat thereof as recorded in the office of the Register of Deeds for Oakland County in Liber 6 of Plats on Page 11. Dated: May 18th, 1934. BANKERS TRUST COMPANY OF DETROIT, a Michigan Corporation, Mortgagee. FRANK C. COOK & JOHN P. O'HARA, Attorneys for Mortgagee, 814 Majestic Building, Detroit, Michigan.

May 31—Aug. 23

819

Yerkes, Goddard & McClintock, Attorneys, 600 Fidelity Building, Detroit, Michigan.

CHANCERY SALE. In pursuance and by virtue of a decree of the Circuit Court for the County of Oakland, State of Michigan, in Chancery, made and entered on the 3rd day of May, A. D. 1934, in a certain cause therein pending, wherein Equitable Trust Company, a Michigan Corporation, is Plaintiff, and The State Savings Bank of Royal Oak, a Michigan Banking Corporation, Harry W. Green, Receiver of The State Savings Bank of Royal Oak, a Michigan Banking Corporation, are Defendants. Notice is hereby given, that I shall sell at public auction to the highest bidder, at the Saginaw Street entrance of the Court House in the City of Pontiac, in said County, that being the building in which the Circuit Court for the County of Oakland is held, on Wednesday, the Thirteenth day of August, A. D. 1934, at ten o'clock in the forenoon, Eastern Standard Time, the following described property, viz: All that certain piece or parcel of land situated in the City of Royal Oak, County of Oakland, and State of Michigan, described as follows: The South fifty-five (55) feet of Lot One (1) in Block Twenty (20) of the original plat of the Village of Royal Oak (now City of Royal Oak) Oakland County, Michigan. And all singular the hereditaments, appurtenances, easements, rights, credits, franchises, tenements, privileges, leaseholds, liberties, and every interest thereon, thereunto the thereafter belonging or appertaining, together with the reversion or reversions, remainder and remainders, and all the estate, right, title and interest, possession, claim and demand of every nature and kind whatsoever of the company, as well in law as in equity, of, in and to the same and every part and parcel thereof, including all buildings, structures, and improvements thereon, of all franchises and all other property that may be hereafter attached to, used or procured for use in connection with the said premises or buildings and improvements then erected or thereafter erected thereon, or any additions thereto, and all additions at any time thereafter made to said property, together with all machinery, equipment, fixtures and other property now owned or thereafter acquired deemed to be real estate. Dated June 26th, 1934. EARL L. PHILLIPS, Circuit Court Commissioner, Oakland County, Michigan. YERKES, GODDARD & McCLINTOCK, Attorneys for Plaintiff, 600 Fidelity Building, Detroit, Mich.

June 28-Aug. 9
